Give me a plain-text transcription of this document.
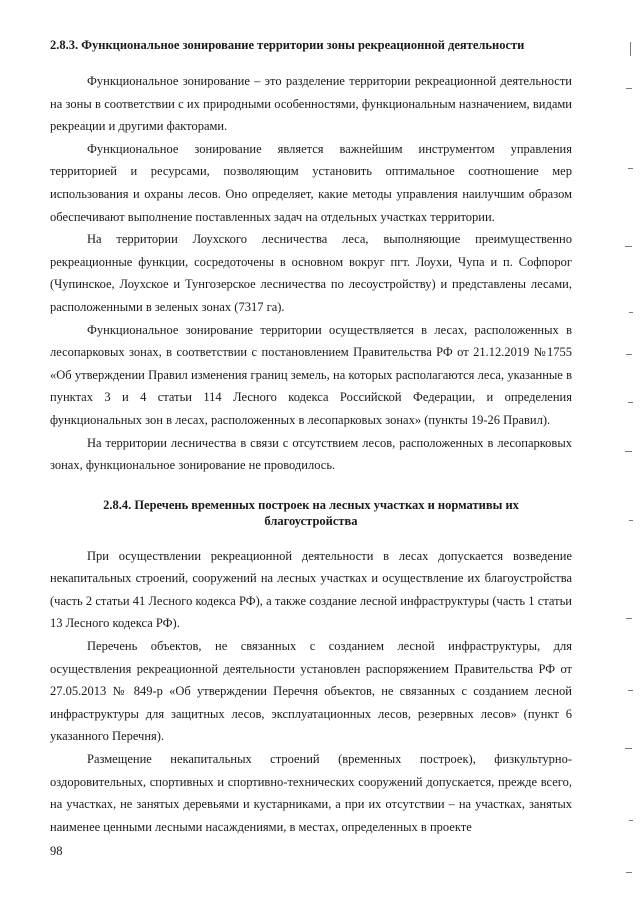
2.8.3. Функциональное зонирование территории зоны рекреационной деятельности

Функциональное зонирование – это разделение территории рекреационной деятельности на зоны в соответствии с их природными особенностями, функциональным назначением, видами рекреации и другими факторами.

Функциональное зонирование является важнейшим инструментом управления территорией и ресурсами, позволяющим установить оптимальное соотношение мер использования и охраны лесов. Оно определяет, какие методы управления наилучшим образом обеспечивают выполнение поставленных задач на отдельных участках территории.

На территории Лоухского лесничества леса, выполняющие преимущественно рекреационные функции, сосредоточены в основном вокруг пгт. Лоухи, Чупа и п. Софпорог (Чупинское, Лоухское и Тунгозерское лесничества по лесоустройству) и представлены лесами, расположенными в зеленых зонах (7317 га).

Функциональное зонирование территории осуществляется в лесах, расположенных в лесопарковых зонах, в соответствии с постановлением Правительства РФ от 21.12.2019 №1755 «Об утверждении Правил изменения границ земель, на которых располагаются леса, указанные в пунктах 3 и 4 статьи 114 Лесного кодекса Российской Федерации, и определения функциональных зон в лесах, расположенных в лесопарковых зонах» (пункты 19-26 Правил).

На территории лесничества в связи с отсутствием лесов, расположенных в лесопарковых зонах, функциональное зонирование не проводилось.

2.8.4. Перечень временных построек на лесных участках и нормативы их

благоустройства

При осуществлении рекреационной деятельности в лесах допускается возведение некапитальных строений, сооружений на лесных участках и осуществление их благоустройства (часть 2 статьи 41 Лесного кодекса РФ), а также создание лесной инфраструктуры (часть 1 статьи 13 Лесного кодекса РФ).

Перечень объектов, не связанных с созданием лесной инфраструктуры, для осуществления рекреационной деятельности установлен распоряжением Правительства РФ от 27.05.2013 № 849-р «Об утверждении Перечня объектов, не связанных с созданием лесной инфраструктуры для защитных лесов, эксплуатационных лесов, резервных лесов» (пункт 6 указанного Перечня).

Размещение некапитальных строений (временных построек), физкультурно-оздоровительных, спортивных и спортивно-технических сооружений допускается, прежде всего, на участках, не занятых деревьями и кустарниками, а при их отсутствии – на участках, занятых наименее ценными лесными насаждениями, в местах, определенных в проекте

98
